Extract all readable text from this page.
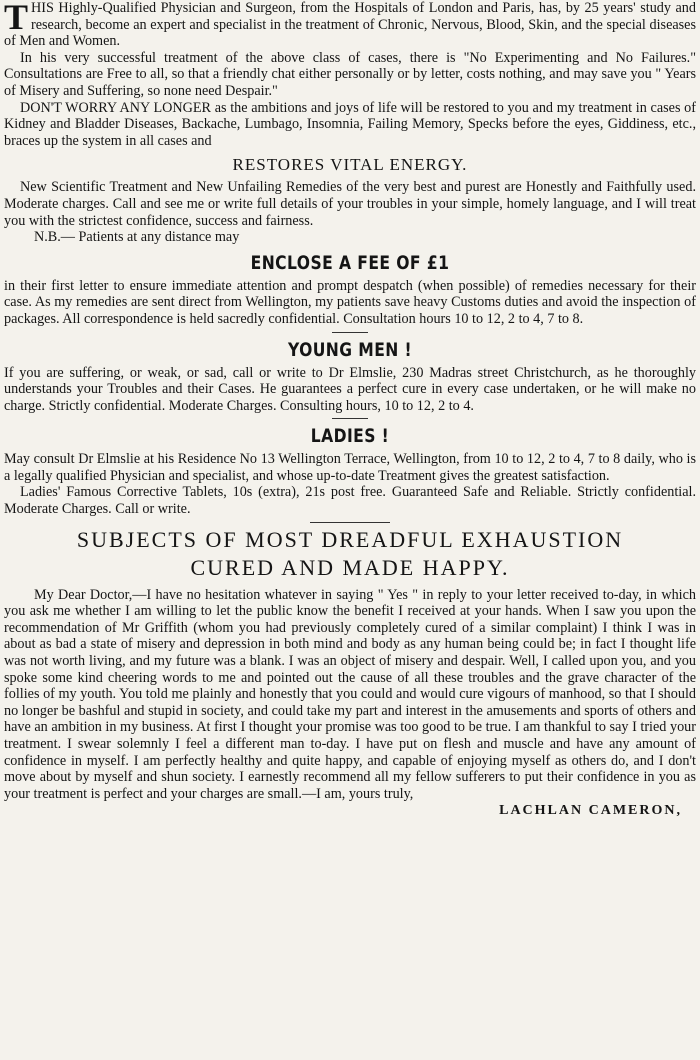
THIS Highly-Qualified Physician and Surgeon, from the Hospitals of London and Paris, has, by 25 years' study and research, become an expert and specialist in the treatment of Chronic, Nervous, Blood, Skin, and the special diseases of Men and Women.

In his very successful treatment of the above class of cases, there is "No Experimenting and No Failures." Consultations are Free to all, so that a friendly chat either personally or by letter, costs nothing, and may save you " Years of Misery and Suffering, so none need Despair."

DON'T WORRY ANY LONGER as the ambitions and joys of life will be restored to you and my treatment in cases of Kidney and Bladder Diseases, Backache, Lumbago, Insomnia, Failing Memory, Specks before the eyes, Giddiness, etc., braces up the system in all cases and

RESTORES VITAL ENERGY.

New Scientific Treatment and New Unfailing Remedies of the very best and purest are Honestly and Faithfully used. Moderate charges. Call and see me or write full details of your troubles in your simple, homely language, and I will treat you with the strictest confidence, success and fairness.

N.B.— Patients at any distance may

ENCLOSE A FEE OF £1

in their first letter to ensure immediate attention and prompt despatch (when possible) of remedies necessary for their case. As my remedies are sent direct from Wellington, my patients save heavy Customs duties and avoid the inspection of packages. All correspondence is held sacredly confidential. Consultation hours 10 to 12, 2 to 4, 7 to 8.

YOUNG MEN !

If you are suffering, or weak, or sad, call or write to Dr Elmslie, 230 Madras street Christchurch, as he thoroughly understands your Troubles and their Cases. He guarantees a perfect cure in every case undertaken, or he will make no charge. Strictly confidential. Moderate Charges. Consulting hours, 10 to 12, 2 to 4.

LADIES !

May consult Dr Elmslie at his Residence No 13 Wellington Terrace, Wellington, from 10 to 12, 2 to 4, 7 to 8 daily, who is a legally qualified Physician and specialist, and whose up-to-date Treatment gives the greatest satisfaction.

Ladies' Famous Corrective Tablets, 10s (extra), 21s post free. Guaranteed Safe and Reliable. Strictly confidential. Moderate Charges. Call or write.

SUBJECTS OF MOST DREADFUL EXHAUSTION
CURED AND MADE HAPPY.

My Dear Doctor,—I have no hesitation whatever in saying " Yes " in reply to your letter received to-day, in which you ask me whether I am willing to let the public know the benefit I received at your hands. When I saw you upon the recommendation of Mr Griffith (whom you had previously completely cured of a similar complaint) I think I was in about as bad a state of misery and depression in both mind and body as any human being could be; in fact I thought life was not worth living, and my future was a blank. I was an object of misery and despair. Well, I called upon you, and you spoke some kind cheering words to me and pointed out the cause of all these troubles and the grave character of the follies of my youth. You told me plainly and honestly that you could and would cure vigours of manhood, so that I should no longer be bashful and stupid in society, and could take my part and interest in the amusements and sports of others and have an ambition in my business. At first I thought your promise was too good to be true. I am thankful to say I tried your treatment. I swear solemnly I feel a different man to-day. I have put on flesh and muscle and have any amount of confidence in myself. I am perfectly healthy and quite happy, and capable of enjoying myself as others do, and I don't move about by myself and shun society. I earnestly recommend all my fellow sufferers to put their confidence in you as your treatment is perfect and your charges are small.—I am, yours truly,

LACHLAN CAMERON,
